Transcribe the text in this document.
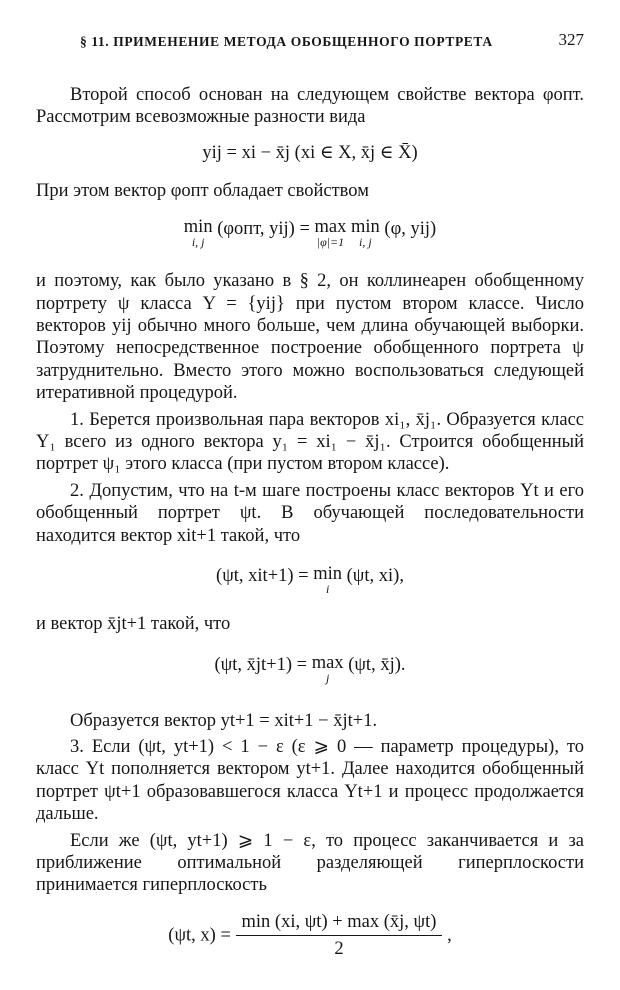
§ 11. ПРИМЕНЕНИЕ МЕТОДА ОБОБЩЕННОГО ПОРТРЕТА	327

Второй способ основан на следующем свойстве вектора φопт. Рассмотрим всевозможные разности вида

yij = xi − x̄j (xi ∈ X, x̄j ∈ X̄)

При этом вектор φопт обладает свойством

min
i, j
(φопт, yij) = max
|φ|=1
min
i, j
(φ, yij)

и поэтому, как было указано в § 2, он коллинеарен обобщенному портрету ψ класса Y = {yij} при пустом втором классе. Число векторов yij обычно много больше, чем длина обучающей выборки. Поэтому непосредственное построение обобщенного портрета ψ затруднительно. Вместо этого можно воспользоваться следующей итеративной процедурой.

1. Берется произвольная пара векторов xi₁, x̄j₁. Образуется класс Y₁ всего из одного вектора y₁ = xi₁ − x̄j₁. Строится обобщенный портрет ψ₁ этого класса (при пустом втором классе).

2. Допустим, что на t-м шаге построены класс векторов Yt и его обобщенный портрет ψt. В обучающей последовательности находится вектор xit+1 такой, что

(ψt, xit+1) = min
i
(ψt, xi),

и вектор x̄jt+1 такой, что

(ψt, x̄jt+1) = max
j
(ψt, x̄j).

Образуется вектор yt+1 = xit+1 − x̄jt+1.

3. Если (ψt, yt+1) < 1 − ε (ε ⩾ 0 — параметр процедуры), то класс Yt пополняется вектором yt+1. Далее находится обобщенный портрет ψt+1 образовавшегося класса Yt+1 и процесс продолжается дальше.

Если же (ψt, yt+1) ⩾ 1 − ε, то процесс заканчивается и за приближение оптимальной разделяющей гиперплоскости принимается гиперплоскость

(ψt, $x) = \frac{\min (xi, \psi t) + \max (x̄j, \psi t)}{2}$ ,
